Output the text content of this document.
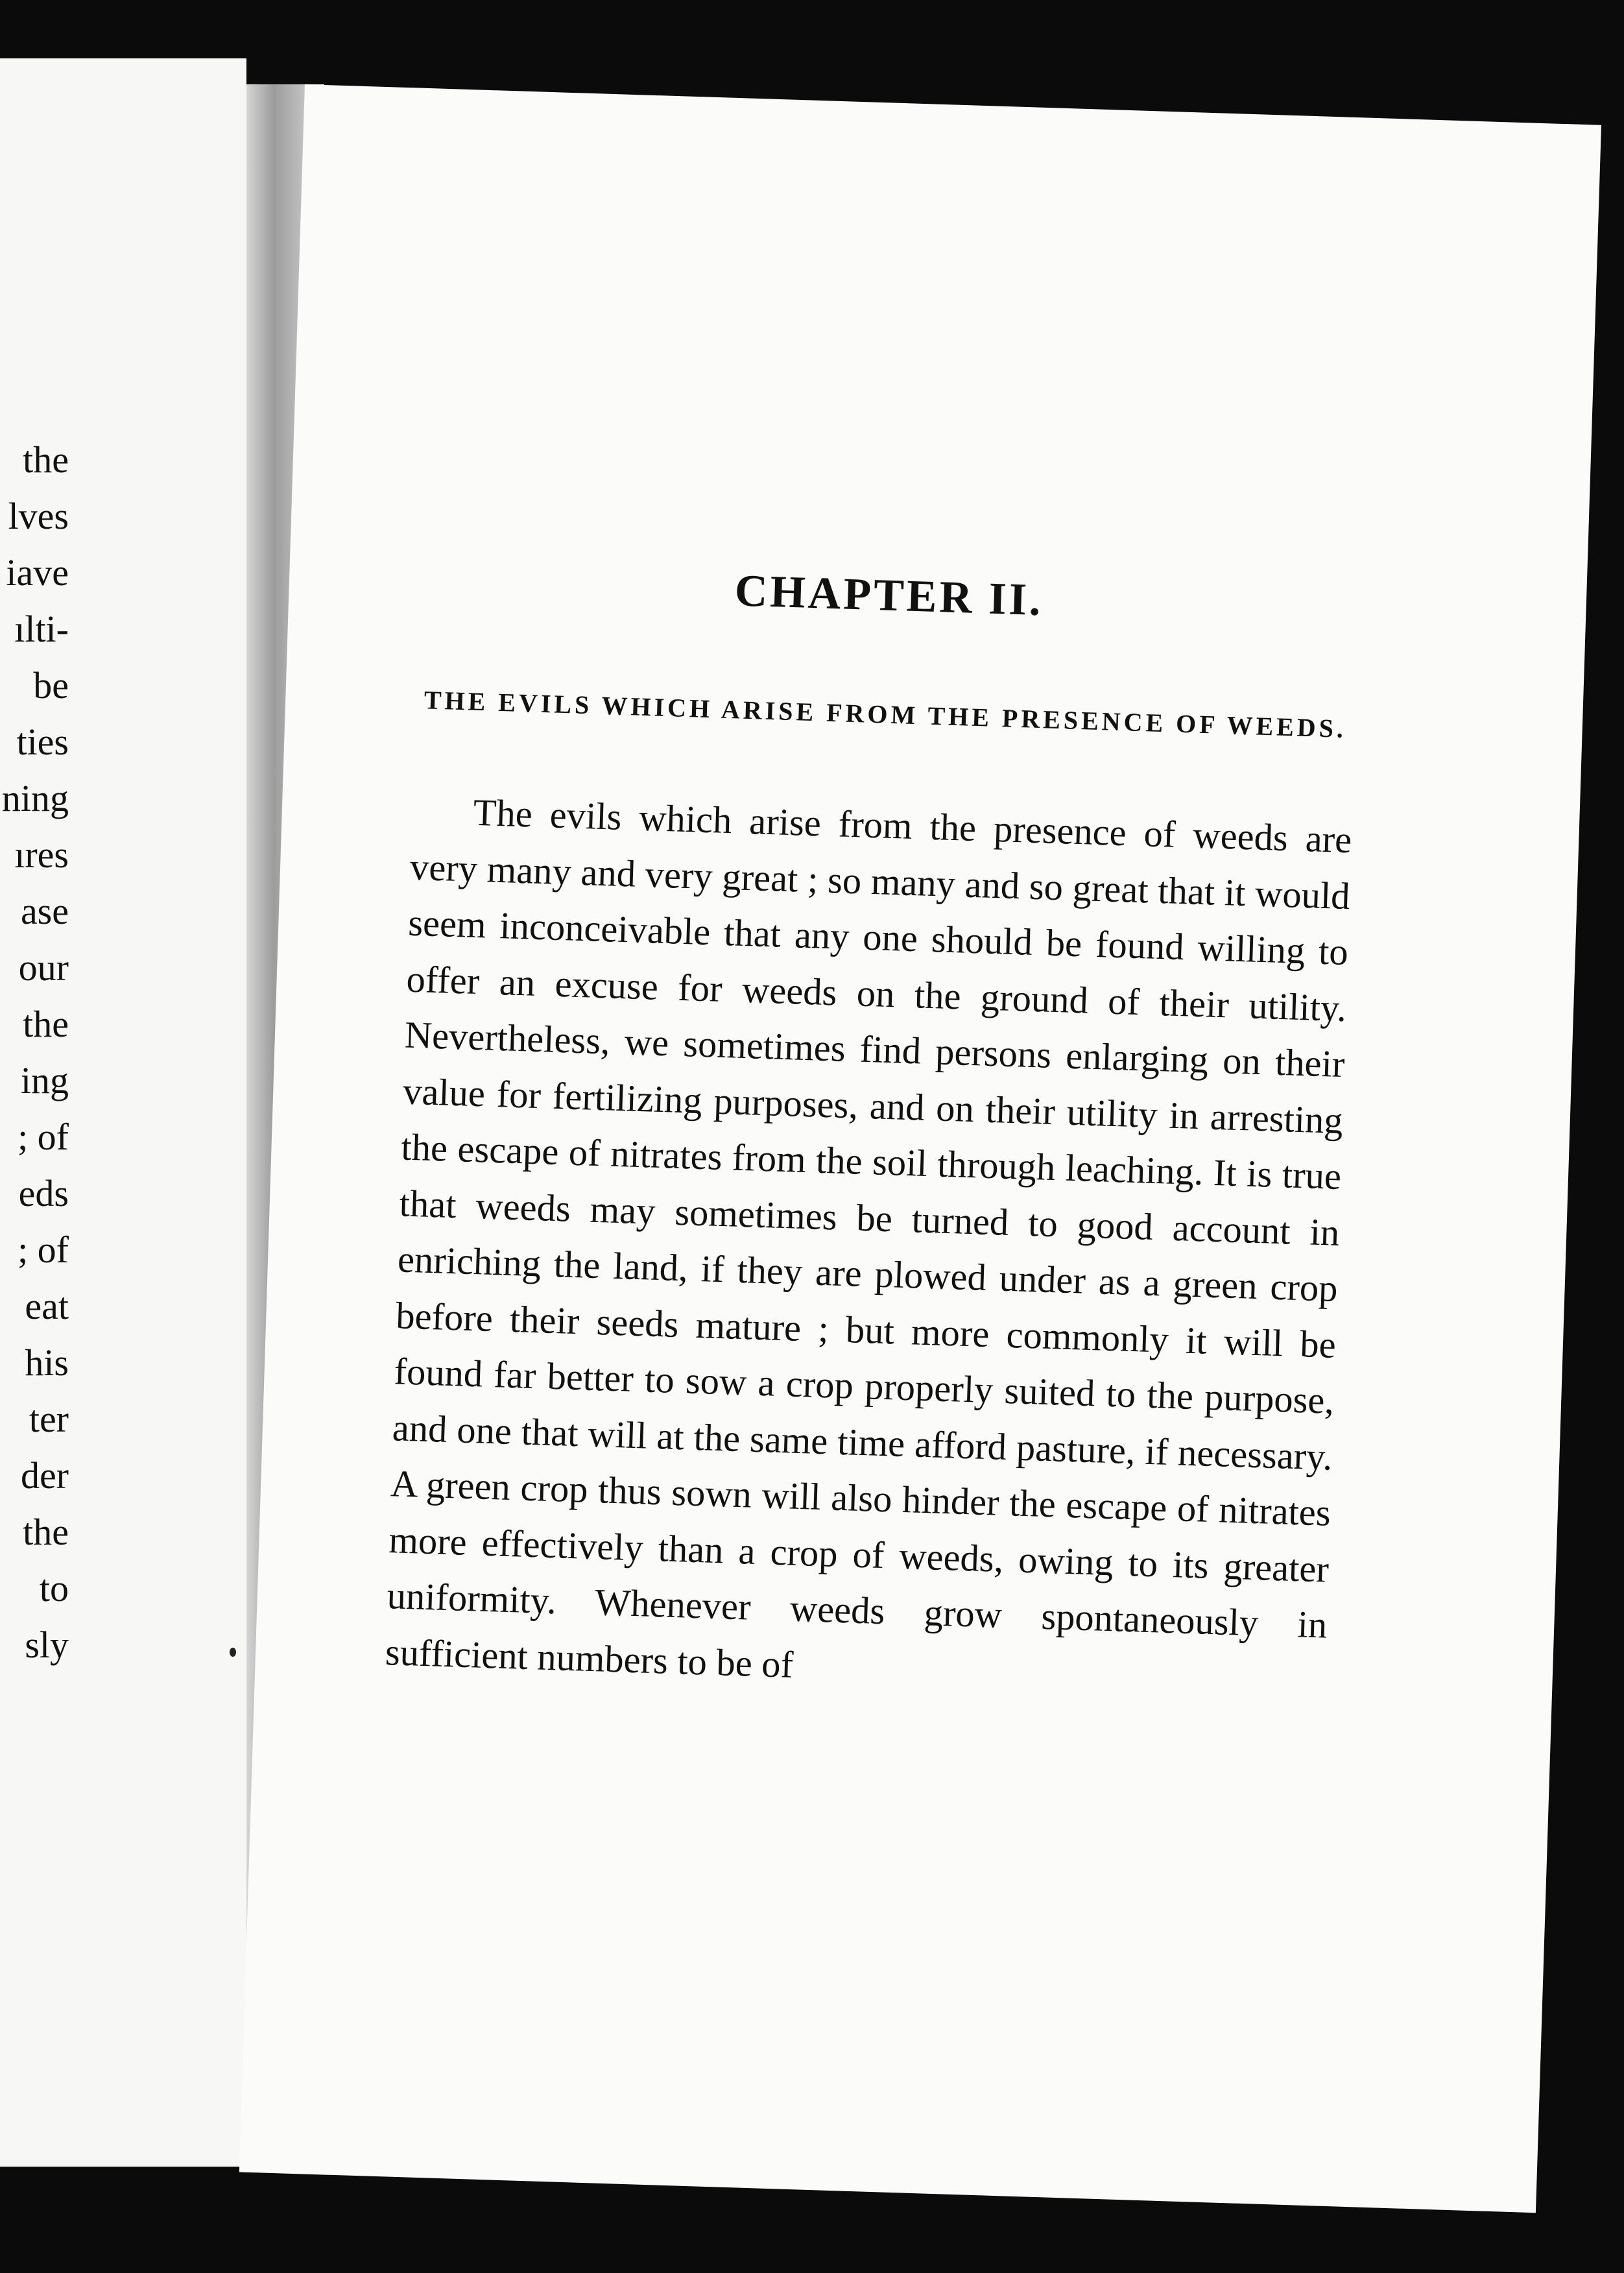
the
lves
iave
ılti-
be
ties
ning
ıres
ase
our
the
ing
; of
eds
; of
eat
his
ter
der
the
to
sly
CHAPTER II.
THE EVILS WHICH ARISE FROM THE PRESENCE OF WEEDS.

The evils which arise from the presence of weeds are very many and very great ; so many and so great that it would seem inconceivable that any one should be found willing to offer an excuse for weeds on the ground of their utility. Nevertheless, we sometimes find persons enlarging on their value for fertilizing purposes, and on their utility in arresting the escape of nitrates from the soil through leaching. It is true that weeds may sometimes be turned to good account in enriching the land, if they are plowed under as a green crop before their seeds mature ; but more commonly it will be found far better to sow a crop properly suited to the purpose, and one that will at the same time afford pasture, if necessary. A green crop thus sown will also hinder the escape of nitrates more effectively than a crop of weeds, owing to its greater uniformity. Whenever weeds grow spontaneously in sufficient numbers to be of
